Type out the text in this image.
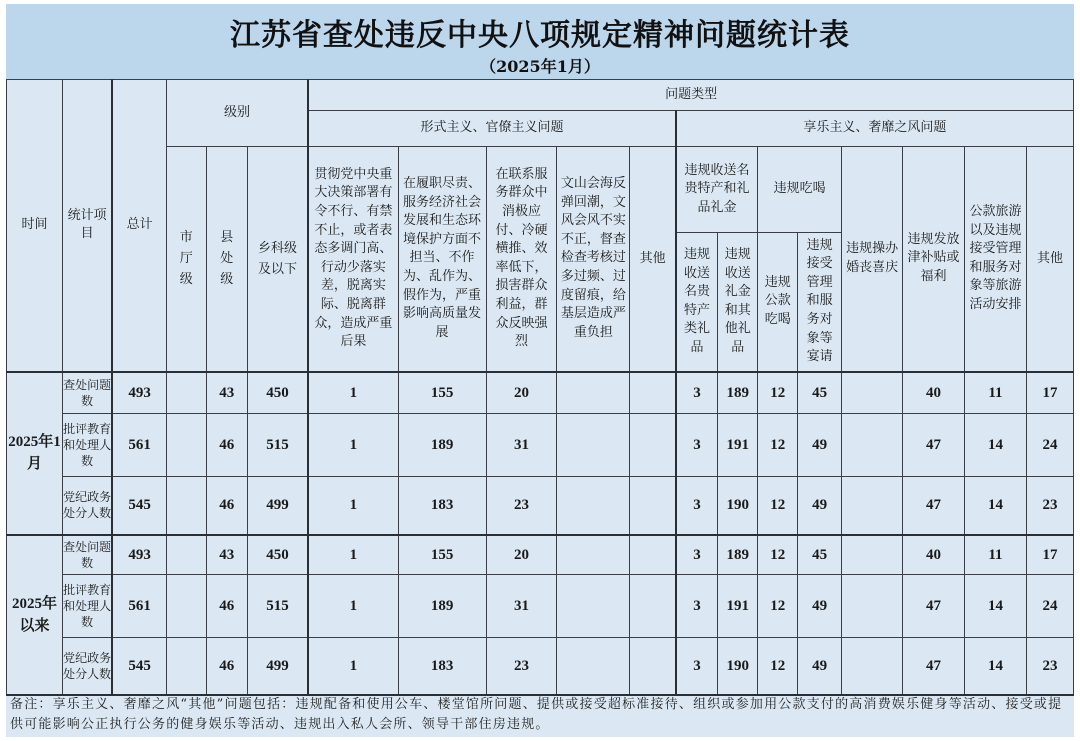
江苏省查处违反中央八项规定精神问题统计表
（2025年1月）
时间	统计项目	总计	级别			问题类型												
						形式主义、官僚主义问题					享乐主义、奢靡之风问题							
			市厅级	县处级	乡科级及以下	贯彻党中央重大决策部署有令不行、有禁不止，或者表态多调门高、行动少落实差，脱离实际、脱离群众，造成严重后果	在履职尽责、服务经济社会发展和生态环境保护方面不担当、不作为、乱作为、假作为，严重影响高质量发展	在联系服务群众中消极应付、冷硬横推、效率低下，损害群众利益，群众反映强烈	文山会海反弹回潮，文风会风不实不正，督查检查考核过多过频、过度留痕，给基层造成严重负担	其他	违规收送名贵特产和礼品礼金		违规吃喝		违规操办婚丧喜庆	违规发放津补贴或福利	公款旅游以及违规接受管理和服务对象等旅游活动安排	其他
											违规收送名贵特产类礼品	违规收送礼金和其他礼品	违规公款吃喝	违规接受管理和服务对象等宴请				
2025年1月	查处问题数	493		43	450	1	155	20			3	189	12	45		40	11	17
	批评教育和处理人数	561		46	515	1	189	31			3	191	12	49		47	14	24
	党纪政务处分人数	545		46	499	1	183	23			3	190	12	49		47	14	23
2025年以来	查处问题数	493		43	450	1	155	20			3	189	12	45		40	11	17
	批评教育和处理人数	561		46	515	1	189	31			3	191	12	49		47	14	24
	党纪政务处分人数	545		46	499	1	183	23			3	190	12	49		47	14	23
备注：享乐主义、奢靡之风“其他”问题包括：违规配备和使用公车、楼堂馆所问题、提供或接受超标准接待、组织或参加用公款支付的高消费娱乐健身等活动、接受或提供可能影响公正执行公务的健身娱乐等活动、违规出入私人会所、领导干部住房违规。
